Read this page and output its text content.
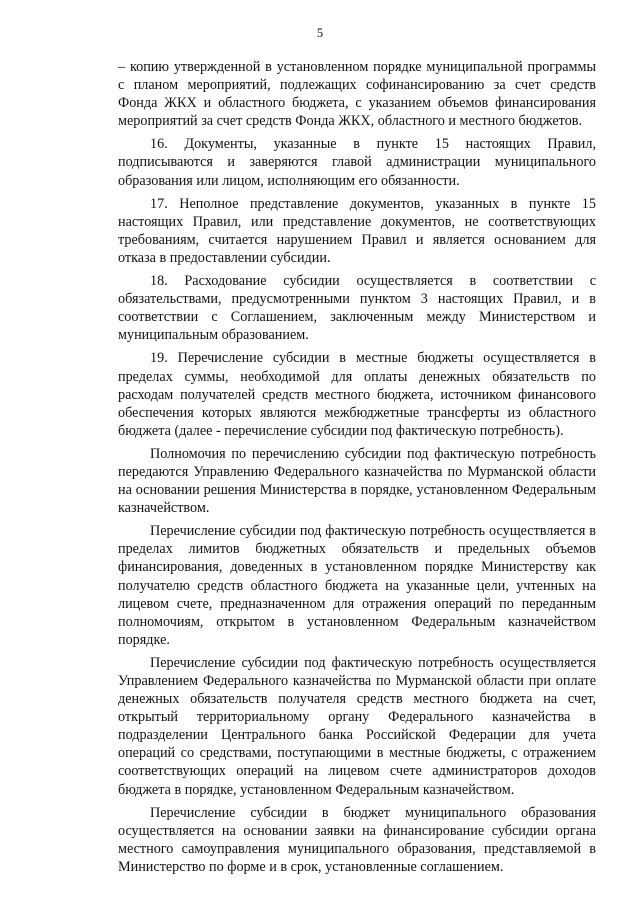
5

– копию утвержденной в установленном порядке муниципальной программы с планом мероприятий, подлежащих софинансированию за счет средств Фонда ЖКХ и областного бюджета, с указанием объемов финансирования мероприятий за счет средств Фонда ЖКХ, областного и местного бюджетов.

16. Документы, указанные в пункте 15 настоящих Правил, подписываются и заверяются главой администрации муниципального образования или лицом, исполняющим его обязанности.

17. Неполное представление документов, указанных в пункте 15 настоящих Правил, или представление документов, не соответствующих требованиям, считается нарушением Правил и является основанием для отказа в предоставлении субсидии.

18. Расходование субсидии осуществляется в соответствии с обязательствами, предусмотренными пунктом 3 настоящих Правил, и в соответствии с Соглашением, заключенным между Министерством и муниципальным образованием.

19. Перечисление субсидии в местные бюджеты осуществляется в пределах суммы, необходимой для оплаты денежных обязательств по расходам получателей средств местного бюджета, источником финансового обеспечения которых являются межбюджетные трансферты из областного бюджета (далее - перечисление субсидии под фактическую потребность).

Полномочия по перечислению субсидии под фактическую потребность передаются Управлению Федерального казначейства по Мурманской области на основании решения Министерства в порядке, установленном Федеральным казначейством.

Перечисление субсидии под фактическую потребность осуществляется в пределах лимитов бюджетных обязательств и предельных объемов финансирования, доведенных в установленном порядке Министерству как получателю средств областного бюджета на указанные цели, учтенных на лицевом счете, предназначенном для отражения операций по переданным полномочиям, открытом в установленном Федеральным казначейством порядке.

Перечисление субсидии под фактическую потребность осуществляется Управлением Федерального казначейства по Мурманской области при оплате денежных обязательств получателя средств местного бюджета на счет, открытый территориальному органу Федерального казначейства в подразделении Центрального банка Российской Федерации для учета операций со средствами, поступающими в местные бюджеты, с отражением соответствующих операций на лицевом счете администраторов доходов бюджета в порядке, установленном Федеральным казначейством.

Перечисление субсидии в бюджет муниципального образования осуществляется на основании заявки на финансирование субсидии органа местного самоуправления муниципального образования, представляемой в Министерство по форме и в срок, установленные соглашением.
